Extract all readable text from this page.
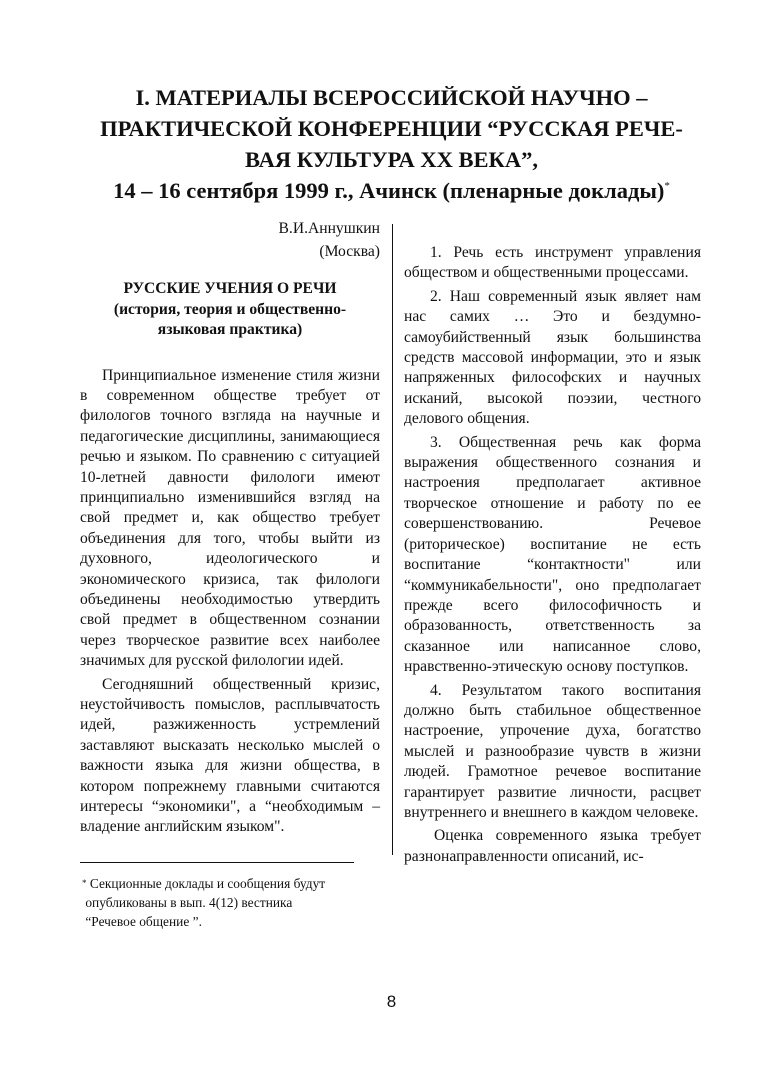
I. МАТЕРИАЛЫ ВСЕРОССИЙСКОЙ НАУЧНО –
ПРАКТИЧЕСКОЙ КОНФЕРЕНЦИИ “РУССКАЯ РЕЧЕ-
ВАЯ КУЛЬТУРА XX ВЕКА”,
14 – 16 сентября 1999 г., Ачинск (пленарные доклады)*
В.И.Аннушкин
(Москва)
РУССКИЕ УЧЕНИЯ О РЕЧИ
(история, теория и общественно-
языковая практика)

Принципиальное изменение стиля жизни в современном обществе требует от филологов точного взгляда на научные и педагогические дисциплины, занимающиеся речью и языком. По сравнению с ситуацией 10-летней давности филологи имеют принципиально изменившийся взгляд на свой предмет и, как общество требует объединения для того, чтобы выйти из духовного, идеологического и экономического кризиса, так филологи объединены необходимостью утвердить свой предмет в общественном сознании через творческое развитие всех наиболее значимых для русской филологии идей.

Сегодняшний общественный кризис, неустойчивость помыслов, расплывчатость идей, разжиженность устремлений заставляют высказать несколько мыслей о важности языка для жизни общества, в котором попрежнему главными считаются интересы “экономики", а “необходимым – владение английским языком".

1. Речь есть инструмент управления обществом и общественными процессами.

2. Наш современный язык являет нам нас самих … Это и бездумно-самоубийственный язык большинства средств массовой информации, это и язык напряженных философских и научных исканий, высокой поэзии, честного делового общения.

3. Общественная речь как форма выражения общественного сознания и настроения предполагает активное творческое отношение и работу по ее совершенствованию. Речевое (риторическое) воспитание не есть воспитание “контактности" или “коммуникабельности", оно предполагает прежде всего философичность и образованность, ответственность за сказанное или написанное слово, нравственно-этическую основу поступков.

4. Результатом такого воспитания должно быть стабильное общественное настроение, упрочение духа, богатство мыслей и разнообразие чувств в жизни людей. Грамотное речевое воспитание гарантирует развитие личности, расцвет внутреннего и внешнего в каждом человеке.

Оценка современного языка требует разнонаправленности описаний, ис-

* Секционные доклады и сообщения будут
опубликованы в вып. 4(12) вестника
“Речевое общение ”.
8
